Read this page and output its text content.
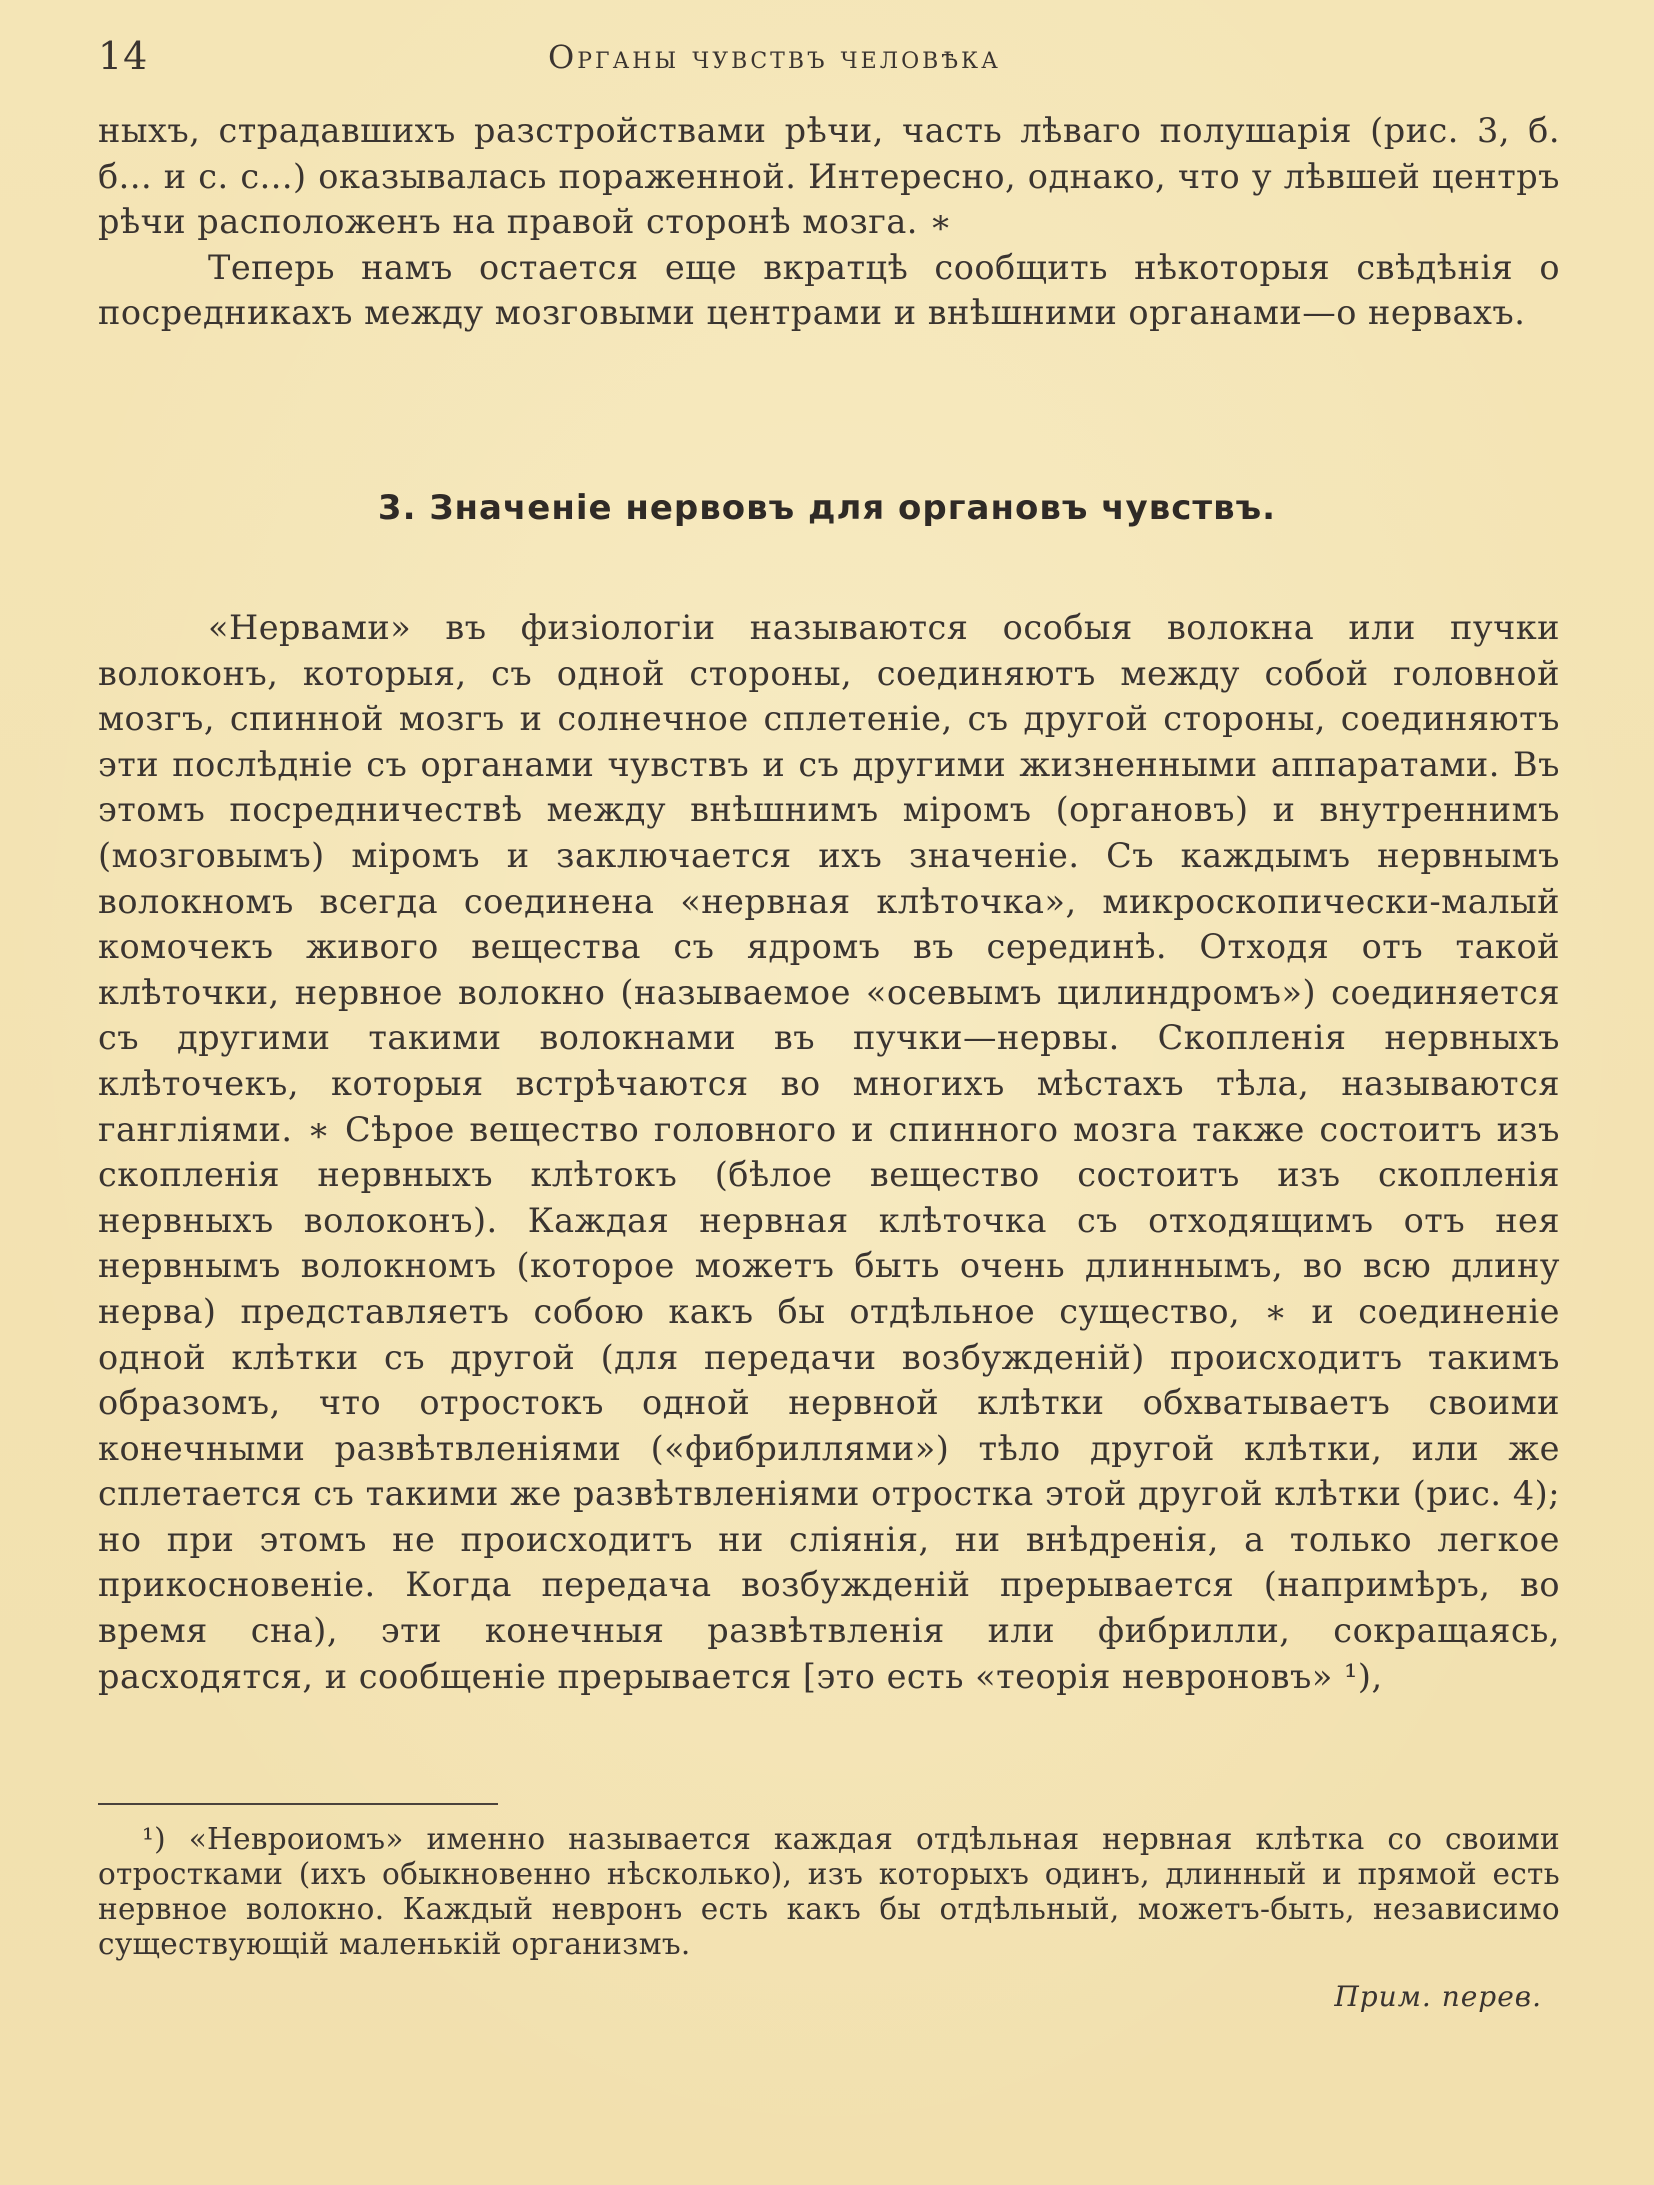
14	Органы чувствъ человѣка

ныхъ, страдавшихъ разстройствами рѣчи, часть лѣваго полушарія (рис. 3, б. б... и с. с...) оказывалась пораженной. Интересно, однако, что у лѣвшей центръ рѣчи расположенъ на правой сторонѣ мозга. ∗

Теперь намъ остается еще вкратцѣ сообщить нѣкоторыя свѣдѣнія о посредникахъ между мозговыми центрами и внѣшними органами—о нервахъ.

3. Значеніе нервовъ для органовъ чувствъ.

«Нервами» въ физіологіи называются особыя волокна или пучки волоконъ, которыя, съ одной стороны, соединяютъ между собой головной мозгъ, спинной мозгъ и солнечное сплетеніе, съ другой стороны, соединяютъ эти послѣдніе съ органами чувствъ и съ другими жизненными аппаратами. Въ этомъ посредничествѣ между внѣшнимъ міромъ (органовъ) и внутреннимъ (мозговымъ) міромъ и заключается ихъ значеніе. Съ каждымъ нервнымъ волокномъ всегда соединена «нервная клѣточка», микроскопически-малый комочекъ живого вещества съ ядромъ въ серединѣ. Отходя отъ такой клѣточки, нервное волокно (называемое «осевымъ цилиндромъ») соединяется съ другими такими волокнами въ пучки—нервы. Скопленія нервныхъ клѣточекъ, которыя встрѣчаются во многихъ мѣстахъ тѣла, называются гангліями. ∗ Сѣрое вещество головного и спинного мозга также состоитъ изъ скопленія нервныхъ клѣтокъ (бѣлое вещество состоитъ изъ скопленія нервныхъ волоконъ). Каждая нервная клѣточка съ отходящимъ отъ нея нервнымъ волокномъ (которое можетъ быть очень длиннымъ, во всю длину нерва) представляетъ собою какъ бы отдѣльное существо, ∗ и соединеніе одной клѣтки съ другой (для передачи возбужденій) происходитъ такимъ образомъ, что отростокъ одной нервной клѣтки обхватываетъ своими конечными развѣтвленіями («фибриллями») тѣло другой клѣтки, или же сплетается съ такими же развѣтвленіями отростка этой другой клѣтки (рис. 4); но при этомъ не происходитъ ни слiянiя, ни внѣдренiя, а только легкое прикосновеніе. Когда передача возбужденій прерывается (напримѣръ, во время сна), эти конечныя развѣтвленія или фибрилли, сокращаясь, расходятся, и сообщеніе прерывается [это есть «теорія невроновъ» ¹),

¹) «Невроиомъ» именно называется каждая отдѣльная нервная клѣтка со своими отростками (ихъ обыкновенно нѣсколько), изъ которыхъ одинъ, длинный и прямой есть нервное волокно. Каждый невронъ есть какъ бы отдѣльный, можетъ-быть, независимо существующій маленькій организмъ.

Прим. перев.
